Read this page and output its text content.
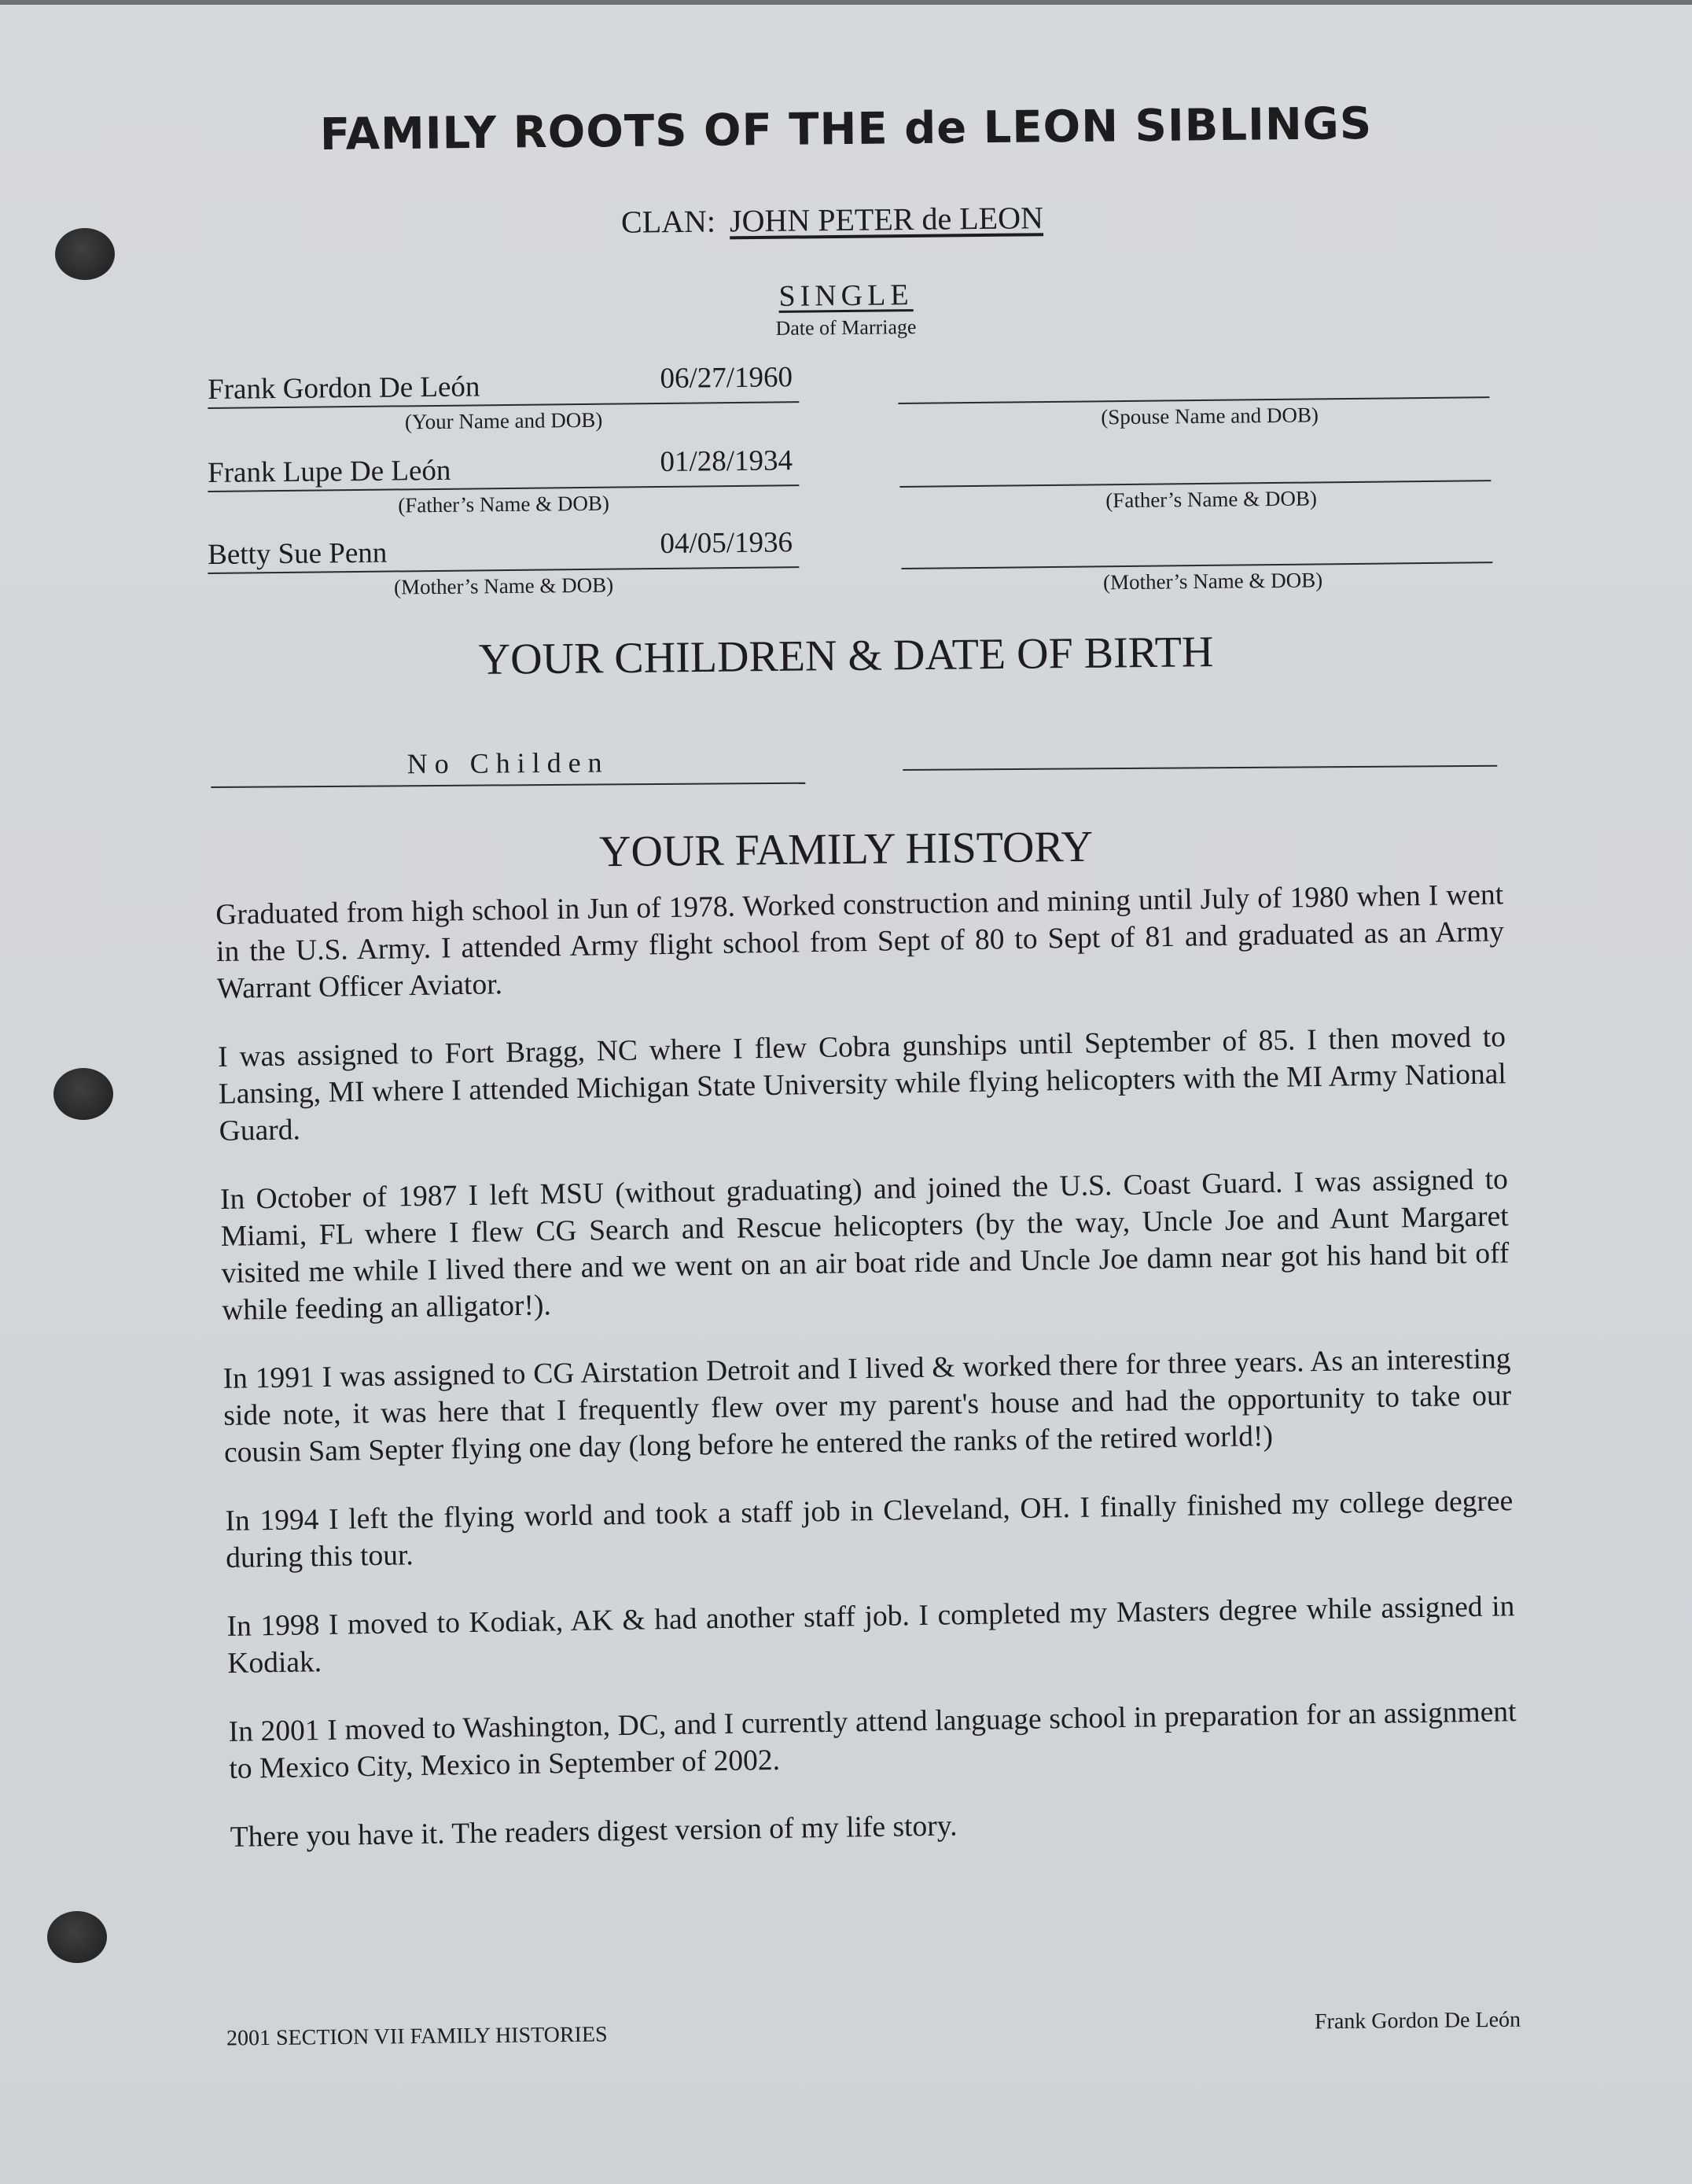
FAMILY ROOTS OF THE de LEON SIBLINGS
CLAN: JOHN PETER de LEON
SINGLE
Date of Marriage
Frank Gordon De León	06/27/1960
(Your Name and DOB)
Frank Lupe De León	01/28/1934
(Father’s Name & DOB)
Betty Sue Penn	04/05/1936
(Mother’s Name & DOB)
(Spouse Name and DOB)
(Father’s Name & DOB)
(Mother’s Name & DOB)
YOUR CHILDREN & DATE OF BIRTH
No Childen
YOUR FAMILY HISTORY

Graduated from high school in Jun of 1978. Worked construction and mining until July of 1980 when I went in the U.S. Army. I attended Army flight school from Sept of 80 to Sept of 81 and graduated as an Army Warrant Officer Aviator.

I was assigned to Fort Bragg, NC where I flew Cobra gunships until September of 85. I then moved to Lansing, MI where I attended Michigan State University while flying helicopters with the MI Army National Guard.

In October of 1987 I left MSU (without graduating) and joined the U.S. Coast Guard. I was assigned to Miami, FL where I flew CG Search and Rescue helicopters (by the way, Uncle Joe and Aunt Margaret visited me while I lived there and we went on an air boat ride and Uncle Joe damn near got his hand bit off while feeding an alligator!).

In 1991 I was assigned to CG Airstation Detroit and I lived & worked there for three years. As an interesting side note, it was here that I frequently flew over my parent's house and had the opportunity to take our cousin Sam Septer flying one day (long before he entered the ranks of the retired world!)

In 1994 I left the flying world and took a staff job in Cleveland, OH. I finally finished my college degree during this tour.

In 1998 I moved to Kodiak, AK & had another staff job. I completed my Masters degree while assigned in Kodiak.

In 2001 I moved to Washington, DC, and I currently attend language school in preparation for an assignment to Mexico City, Mexico in September of 2002.

There you have it. The readers digest version of my life story.

2001 SECTION VII FAMILY HISTORIES
Frank Gordon De León
